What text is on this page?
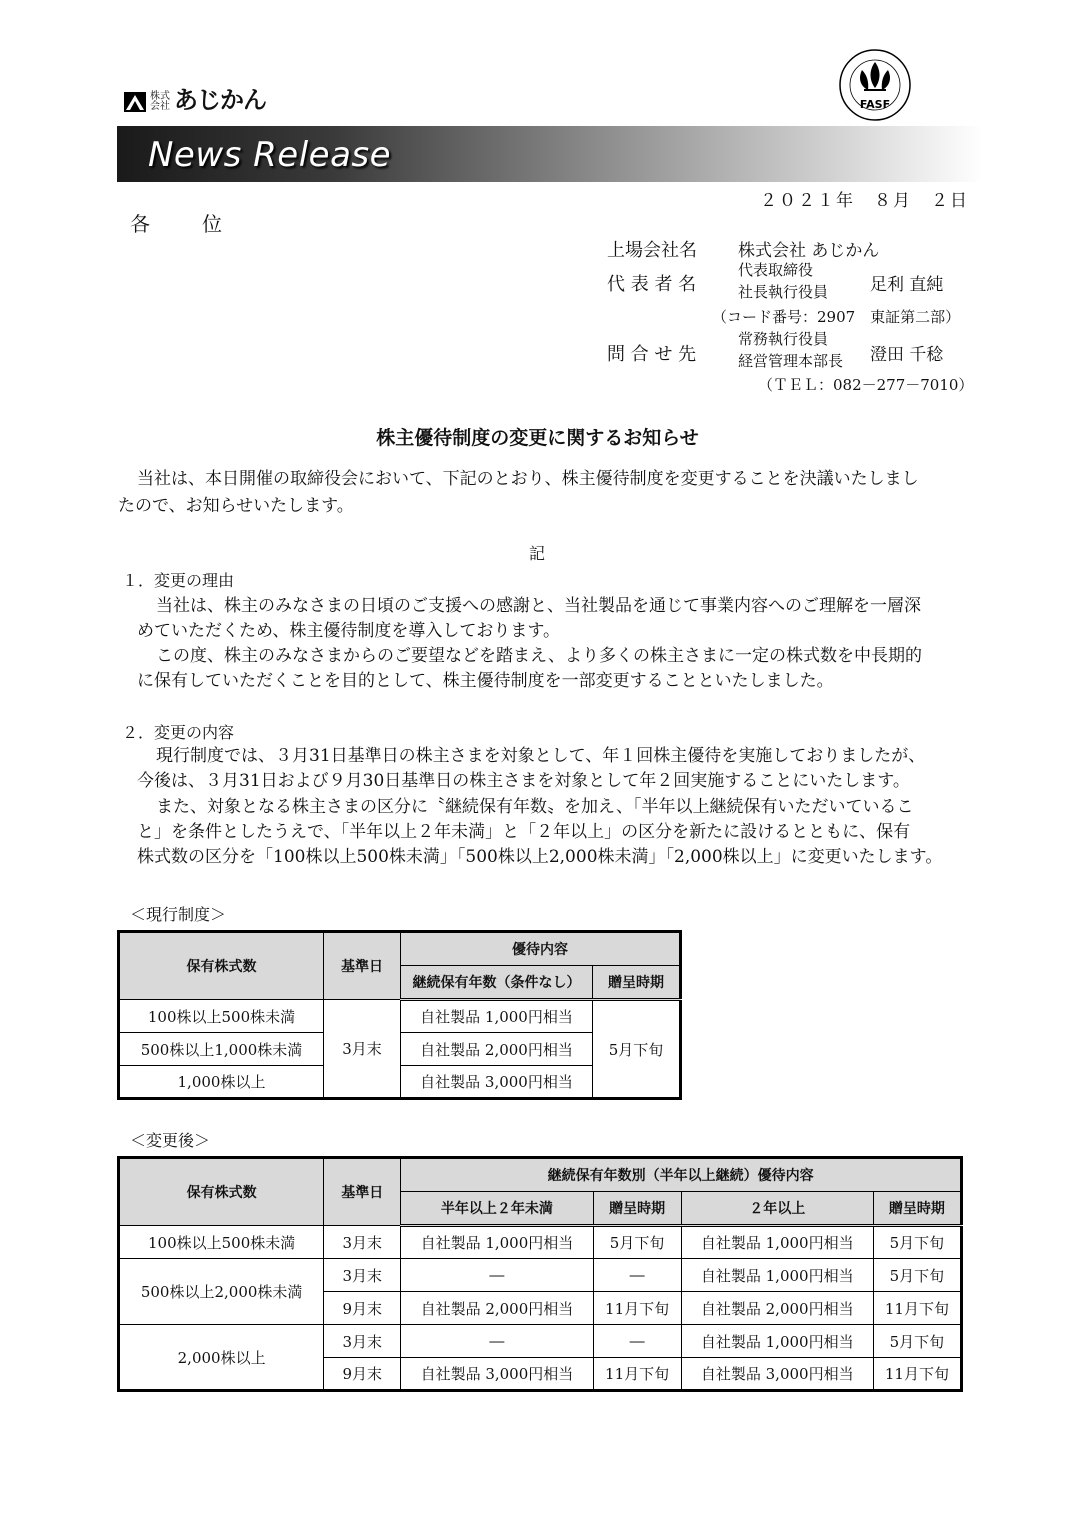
株式会社 あじかん	FASF
News Release
２０２１年　８月　２日
各　　位
上場会社名 株式会社 あじかん
代 表 者 名
代表取締役
社長執行役員 足利 直純
（コード番号：2907　東証第二部）
問 合 せ 先
常務執行役員
経営管理本部長 澄田 千稔
（ＴＥＬ：082－277－7010）
株主優待制度の変更に関するお知らせ
当社は、本日開催の取締役会において、下記のとおり、株主優待制度を変更することを決議いたしまし
たので、お知らせいたします。
記
１．変更の理由
当社は、株主のみなさまの日頃のご支援への感謝と、当社製品を通じて事業内容へのご理解を一層深
めていただくため、株主優待制度を導入しております。
この度、株主のみなさまからのご要望などを踏まえ、より多くの株主さまに一定の株式数を中長期的
に保有していただくことを目的として、株主優待制度を一部変更することといたしました。
２．変更の内容
現行制度では、３月31日基準日の株主さまを対象として、年１回株主優待を実施しておりましたが、
今後は、３月31日および９月30日基準日の株主さまを対象として年２回実施することにいたします。
また、対象となる株主さまの区分に〝継続保有年数〟を加え、「半年以上継続保有いただいているこ
と」を条件としたうえで、「半年以上２年未満」と「２年以上」の区分を新たに設けるとともに、保有
株式数の区分を「100株以上500株未満」「500株以上2,000株未満」「2,000株以上」に変更いたします。
＜現行制度＞
保有株式数	基準日	優待内容	
		継続保有年数（条件なし）	贈呈時期
100株以上500株未満	3月末	自社製品 1,000円相当	5月下旬
500株以上1,000株未満		自社製品 2,000円相当	
1,000株以上		自社製品 3,000円相当	
＜変更後＞
保有株式数	基準日	継続保有年数別（半年以上継続）優待内容			
		半年以上２年未満	贈呈時期	２年以上	贈呈時期
100株以上500株未満	3月末	自社製品 1,000円相当	5月下旬	自社製品 1,000円相当	5月下旬
500株以上2,000株未満	3月末	―	―	自社製品 1,000円相当	5月下旬
	9月末	自社製品 2,000円相当	11月下旬	自社製品 2,000円相当	11月下旬
2,000株以上	3月末	―	―	自社製品 1,000円相当	5月下旬
	9月末	自社製品 3,000円相当	11月下旬	自社製品 3,000円相当	11月下旬
